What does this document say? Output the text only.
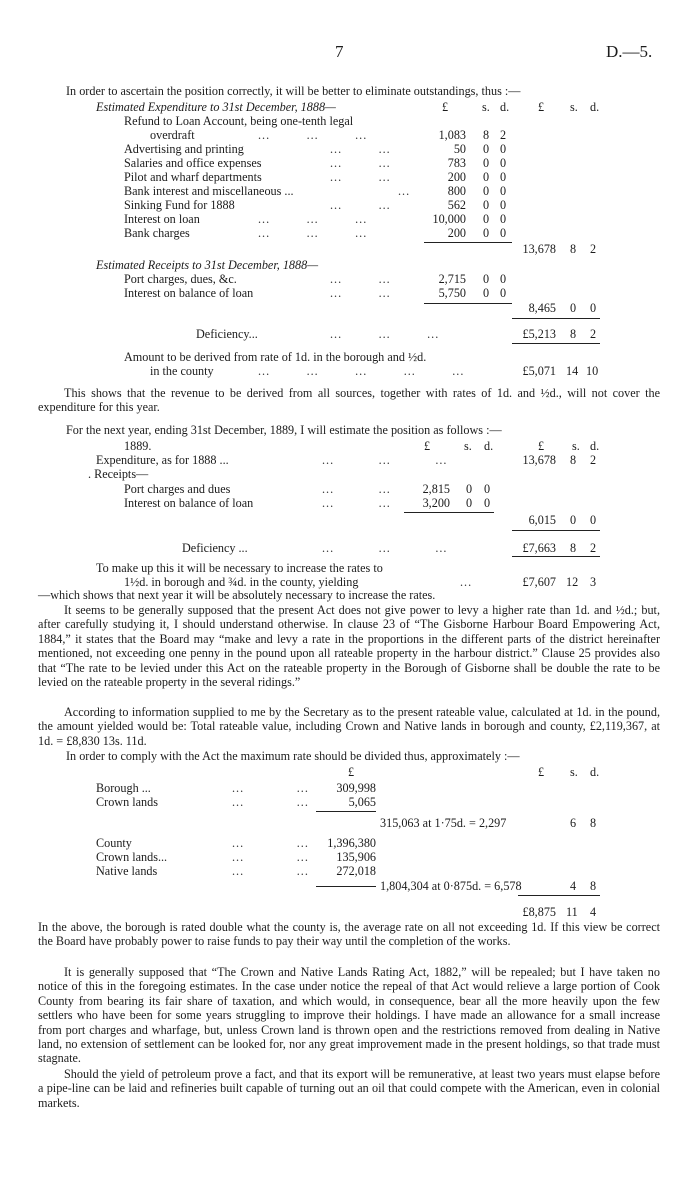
7	D.—5.
In order to ascertain the position correctly, it will be better to eliminate outstandings, thus :—
Estimated Expenditure to 31st December, 1888—	£	s. d. £ s. d.
Refund to Loan Account, being one-tenth legal
overdraft	...         ...         ...	1,083 8 2
Advertising and printing	...         ...	50 0 0
Salaries and office expenses	...         ...	783 0 0
Pilot and wharf departments	...         ...	200 0 0
Bank interest and miscellaneous ...	...	800 0 0
Sinking Fund for 1888	...         ...	562 0 0
Interest on loan	...         ...         ...	10,000 0 0
Bank charges	...         ...         ...	200 0 0
13,678 8 2
Estimated Receipts to 31st December, 1888—
Port charges, dues, &c.	...         ...	2,715 0 0
Interest on balance of loan	...         ...	5,750 0 0
8,465 0 0
Deficiency...	...         ...         ...	£5,213 8 2
Amount to be derived from rate of 1d. in the borough and ½d.
in the county	...         ...         ...         ...         ...	£5,071 14 10

This shows that the revenue to be derived from all sources, together with rates of 1d. and ½d., will not cover the expenditure for this year.

For the next year, ending 31st December, 1889, I will estimate the position as follows :—
1889.	£	s. d.	£ s. d.
Expenditure, as for 1888 ...	...           ...           ...	13,678 8 2
. Receipts—
Port charges and dues	...           ...	2,815 0 0
Interest on balance of loan	...           ...	3,200 0 0
6,015 0 0
Deficiency ...	...           ...           ...	£7,663 8 2
To make up this it will be necessary to increase the rates to
1½d. in borough and ¾d. in the county, yielding	...	£7,607 12 3
—which shows that next year it will be absolutely necessary to increase the rates.

It seems to be generally supposed that the present Act does not give power to levy a higher rate than 1d. and ½d.; but, after carefully studying it, I should understand otherwise. In clause 23 of “The Gisborne Harbour Board Empowering Act, 1884,” it states that the Board may “make and levy a rate in the proportions in the different parts of the district hereinafter mentioned, not exceeding one penny in the pound upon all rateable property in the harbour district.” Clause 25 provides also that “The rate to be levied under this Act on the rateable property in the Borough of Gisborne shall be double the rate to be levied on the rateable property in the several ridings.”

According to information supplied to me by the Secretary as to the present rateable value, calculated at 1d. in the pound, the amount yielded would be: Total rateable value, including Crown and Native lands in borough and county, £2,119,367, at 1d. = £8,830 13s. 11d.

In order to comply with the Act the maximum rate should be divided thus, approximately :—
£	£ s. d.
Borough ...	...             ...	309,998
Crown lands	...             ...	5,065
315,063 at 1·75d. = 2,297	6 8
County	...             ...	1,396,380
Crown lands...	...             ...	135,906
Native lands	...             ...	272,018
1,804,304 at 0·875d. = 6,578	4 8
£8,875 11 4

In the above, the borough is rated double what the county is, the average rate on all not exceeding 1d. If this view be correct the Board have probably power to raise funds to pay their way until the completion of the works.

It is generally supposed that “The Crown and Native Lands Rating Act, 1882,” will be repealed; but I have taken no notice of this in the foregoing estimates. In the case under notice the repeal of that Act would relieve a large portion of Cook County from bearing its fair share of taxation, and which would, in consequence, bear all the more heavily upon the few settlers who have been for some years struggling to improve their holdings. I have made an allowance for a small increase from port charges and wharfage, but, unless Crown land is thrown open and the restrictions removed from dealing in Native land, no extension of settlement can be looked for, nor any great improvement made in the present holdings, so that trade must stagnate.

Should the yield of petroleum prove a fact, and that its export will be remunerative, at least two years must elapse before a pipe-line can be laid and refineries built capable of turning out an oil that could compete with the American, even in colonial markets.
